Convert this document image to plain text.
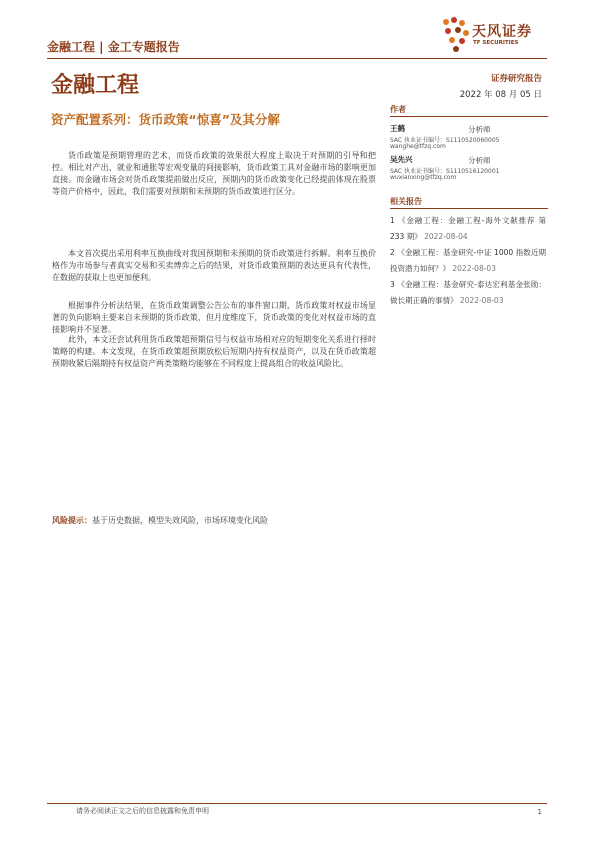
金融工程 | 金工专题报告
天风证券
TF SECURITIES
金融工程
资产配置系列：货币政策“惊喜”及其分解
证券研究报告
2022 年 08 月 05 日

货币政策是预期管理的艺术，而货币政策的效果很大程度上取决于对预期的引导和把控。相比对产出、就业和通胀等宏观变量的间接影响，货币政策工具对金融市场的影响更加直接。而金融市场会对货币政策提前做出反应，预期内的货币政策变化已经提前体现在股票等资产价格中，因此，我们需要对预期和未预期的货币政策进行区分。

本文首次提出采用利率互换曲线对我国预期和未预期的货币政策进行拆解。利率互换价格作为市场参与者真实交易和买卖博弈之后的结果，对货币政策预期的表达更具有代表性，在数据的获取上也更加便利。

根据事件分析法结果，在货币政策调整公告公布的事件窗口期，货币政策对权益市场显著的负向影响主要来自未预期的货币政策，但月度维度下，货币政策的变化对权益市场的直接影响并不显著。

此外，本文还尝试利用货币政策超预期信号与权益市场相对应的短期变化关系进行择时策略的构建。本文发现，在货币政策超预期放松后短期内持有权益资产，以及在货币政策超预期收紧后隔期持有权益资产两类策略均能够在不同程度上提高组合的收益风险比。

风险提示：基于历史数据，模型失效风险，市场环境变化风险
作者
王鹤	分析师
SAC 执业证书编号：S1110520060005
wanghe@tfzq.com
吴先兴	分析师
SAC 执业证书编号：S1110516120001
wuxianxing@tfzq.com
相关报告
1 《金融工程：金融工程-海外文献推荐 第 233 期》 2022-08-04
2 《金融工程：基金研究-中证 1000 指数近期投资潜力如何？》 2022-08-03
3 《金融工程：基金研究-泰达宏利基金张勋：做长期正确的事情》 2022-08-03
请务必阅读正文之后的信息披露和免责申明	1
